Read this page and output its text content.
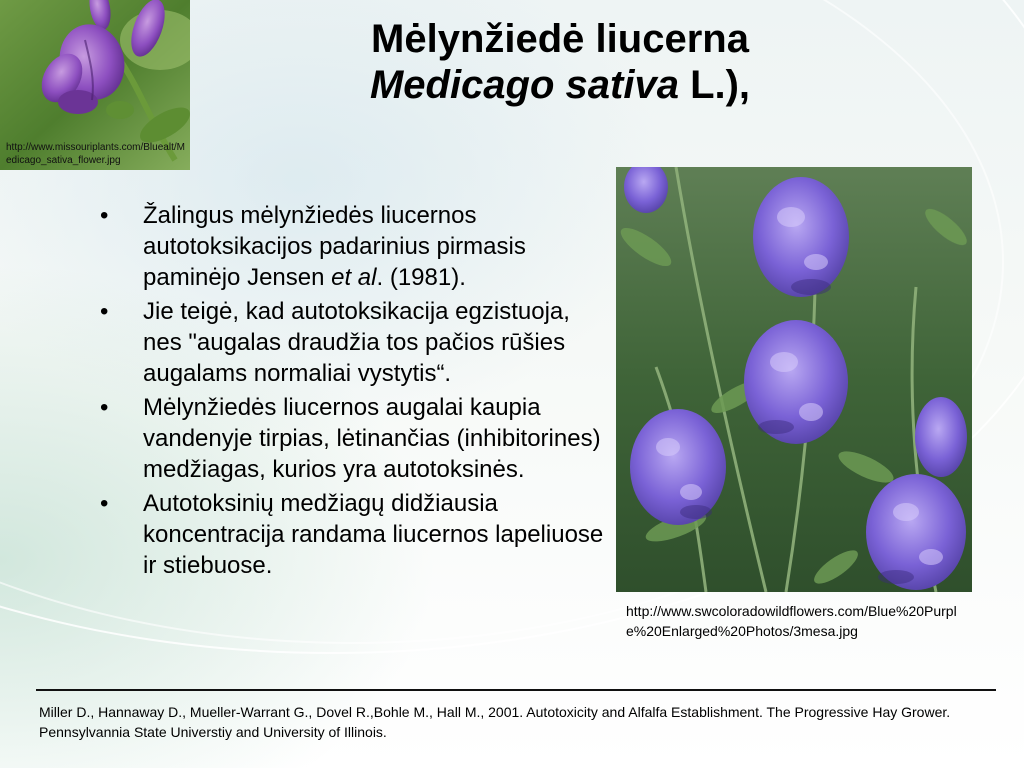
http://www.missouriplants.com/Bluealt/Medicago_sativa_flower.jpg
Mėlynžiedė liucerna
Medicago sativa L.),
• Žalingus mėlynžiedės liucernos autotoksikacijos padarinius pirmasis paminėjo Jensen et al. (1981).
• Jie teigė, kad autotoksikacija egzistuoja, nes "augalas draudžia tos pačios rūšies augalams normaliai vystytis“.
• Mėlynžiedės liucernos augalai kaupia vandenyje tirpias, lėtinančias (inhibitorines) medžiagas, kurios yra autotoksinės.
• Autotoksinių medžiagų didžiausia koncentracija randama liucernos lapeliuose ir stiebuose.
http://www.swcoloradowildflowers.com/Blue%20Purple%20Enlarged%20Photos/3mesa.jpg
Miller D., Hannaway D., Mueller-Warrant G., Dovel R.,Bohle M., Hall M., 2001. Autotoxicity and Alfalfa Establishment. The Progressive Hay Grower. Pennsylvannia State Universtiy and University of Illinois.
